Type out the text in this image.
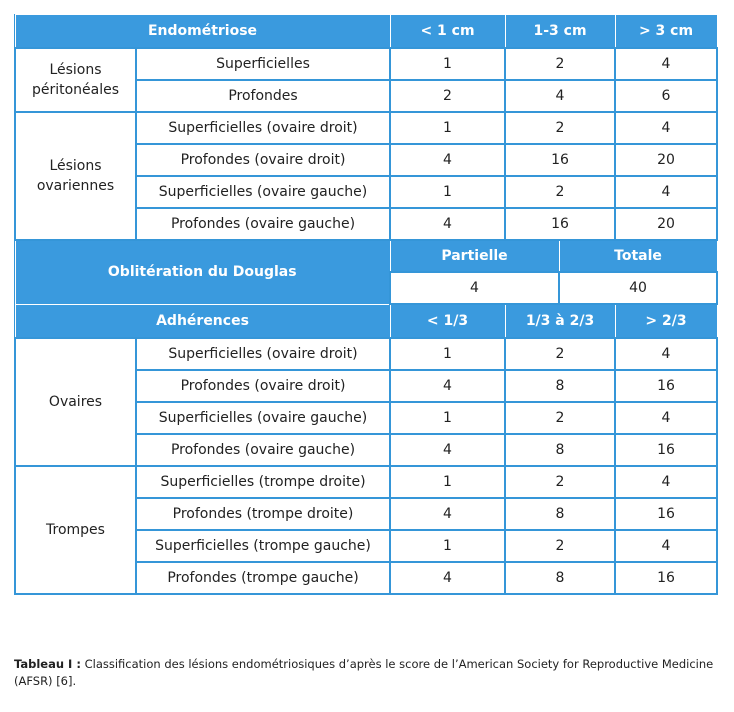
Endométriose		< 1 cm	1-3 cm		> 3 cm
Lésions
péritonéales	Superficielles	1	2		4
	Profondes	2	4		6
Lésions
ovariennes	Superficielles (ovaire droit)	1	2		4
	Profondes (ovaire droit)	4	16		20
	Superficielles (ovaire gauche)	1	2		4
	Profondes (ovaire gauche)	4	16		20
Oblitération du Douglas		Partielle		Totale	
		4		40	
Adhérences		< 1/3	1/3 à 2/3		> 2/3
Ovaires	Superficielles (ovaire droit)	1	2		4
	Profondes (ovaire droit)	4	8		16
	Superficielles (ovaire gauche)	1	2		4
	Profondes (ovaire gauche)	4	8		16
Trompes	Superficielles (trompe droite)	1	2		4
	Profondes (trompe droite)	4	8		16
	Superficielles (trompe gauche)	1	2		4
	Profondes (trompe gauche)	4	8		16
Tableau I : Classification des lésions endométriosiques d’après le score de l’American Society for Reproductive Medicine (AFSR) [6].
